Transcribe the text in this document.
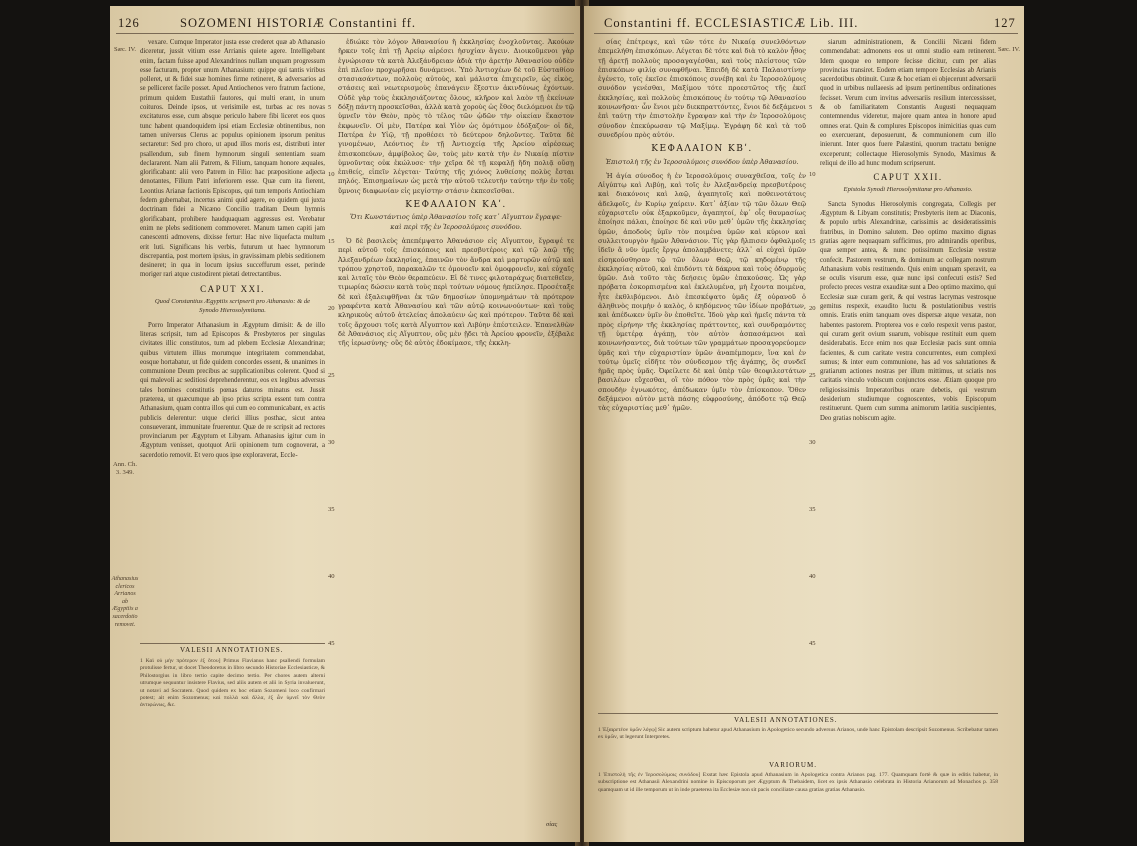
126	SOZOMENI HISTORIÆ Constantini ff.

vexare. Cumque Imperator justa esse crederet quæ ab Athanasio diceretur, jussit vitium esse Arrianis quiete agere. Intelligebant enim, factam fuisse apud Alexandrinos nullam unquam progressum esse facturam, propter unum Athanasium: quippe qui tantis viribus polleret, ut & fidei suæ homines firme retineret, & adversarios ad se pelliceret facile posset. Apud Antiochenos vero fratrum factione, primum quidem Eustathii fautores, qui multi erant, in unum coituros. Deinde ipsos, ut verisimile est, turbas ac res novas excitaturos esse, cum absque periculo habere fibi liceret eos quos tunc habent quandoquidem ipsi etiam Ecclesiæ obtinentibus, non tamen universus Clerus ac populus opinionem ipsorum penitus sectaretur: Sed pro choro, ut apud illos moris est, distributi inter psallendum, sub finem hymnorum singuli sententiam suam declararent. Nam alii Patrem, & Filium, tanquam honore æquales, glorificabant: alii vero Patrem in Filio: hac præpositione adjecta denotantes, Filium Patri inferiorem esse. Quæ cum ita fierent, Leontius Arianæ factionis Episcopus, qui tum temporis Antiochiam fedem gubernabat, incertus animi quid agere, eo quidem qui juxta doctrinam fidei a Nicæno Concilio traditam Deum hymnis glorificabant, prohibere haudquaquam aggressus est. Verebatur enim ne plebs seditionem commoveret. Manum tamen capiti jam canescenti admovens, dixisse fertur: Hac nive liquefacta multum erit luti. Significans his verbis, futurum ut haec hymnorum discrepantia, post mortem ipsius, in gravissimam plebis seditionem desineret; in qua in locum ipsius succeffurum esset, perinde moriger rari atque custodirent pietati detrectantibus.

CAPUT XXI.
Quod Constantius Ægyptiis scripserit pro Athanasio: & de Synodo Hierosolymitana.

Porro Imperator Athanasium in Ægyptum dimisit: & de illo literas scripsit, tum ad Episcopos & Presbyteros per singulas civitates illic constitutos, tum ad plebem Ecclesiæ Alexandrinæ; quibus virtutem illius morumque integritatem commendabat, eosque hortabatur, ut fide quidem concordes essent, & unanimes in communione Deum precibus ac supplicationibus colerent. Quod si qui malevoli ac seditiosi deprehenderentur, eos ex legibus adversus tales homines constitutis pœnas daturos minatus est. Jussit præterea, ut quæcumque ab ipso prius scripta essent tum contra Athanasium, quam contra illos qui cum eo communicabant, ex actis publicis delerentur: utque clerici illius posthac, sicut antea consueverant, immunitate fruerentur. Quæ de re scripsit ad rectores provinciarum per Ægyptum et Libyam. Athanasius igitur cum in Ægyptum venisset, quotquot Arii opinionem tum cognoverat, a sacerdotio removit. Et vero quos ipse exploraverat, Eccle-

ἐδιώκε τὸν λόγον Ἀθανασίου ἢ ἐκκλησίας ἐνοχλοῦντας. Ἀκούων ἤρκεν τοῖς ἐπὶ τῇ Ἀρείῳ αἱρέσει ἡσυχίαν ἄγειν. Διοικοῦμενοι γὰρ ἐγνώρισαν τὰ κατὰ Ἀλεξάνδρειαν ἀδιὰ τὴν ἀρετὴν Ἀθανασίου οὐδὲν ἐπὶ πλεῖον προχωρῆσαι δυνάμενοι. Ὑπὸ Ἀντιοχέων δὲ τοῦ Εὐσταθίου στασιασάντων, πολλοὺς αὐτοὺς, καὶ μάλιστα ἐπιχειρεῖν, ὡς εἰκὸς, στάσεις καὶ νεωτερισμοὺς ἐπανάγειν ἔξεστιν ἀκινδύνως ἐχόντων. Οὐδὲ γὰρ τοὺς ἐκκλησιάζοντας ὅλους, κλῆρον καὶ λαὸν τῇ ἐκείνων δόξῃ πάντη προσκεῖσθαι, ἀλλὰ κατὰ χοροὺς ὡς ἔθος διελόμενοι ἐν τῷ ὑμνεῖν τὸν Θεὸν, πρὸς τὸ τέλος τῶν ᾠδῶν τὴν οἰκείαν ἕκαστον ἐκφωνεῖν. Οἱ μὲν, Πατέρα καὶ Υἱὸν ὡς ὁμότιμον ἐδόξαζον· οἱ δὲ, Πατέρα ἐν Υἱῷ, τῇ προθέσει τὸ δεύτερον δηλοῦντες. Ταῦτα δὲ γινομένων, Λεόντιος ἐν τῇ Ἀντιοχείᾳ τῆς Ἀρείου αἱρέσεως ἐπισκοπεύων, ἀμφίβολος ὢν, τοὺς μὲν κατὰ τὴν ἐν Νικαίᾳ πίστιν ὑμνοῦντας οὐκ ἐκώλυσε· τὴν χεῖρα δὲ τῇ κεφαλῇ ἤδη πολιᾷ οὔσῃ ἐπιθείς, εἰπεῖν λέγεται· Ταύτης τῆς χιόνος λυθείσης πολὺς ἔσται πηλός. Ἐπισημαίνων ὡς μετὰ τὴν αὐτοῦ τελευτὴν ταύτην τὴν ἐν τοῖς ὕμνοις διαφωνίαν εἰς μεγίστην στάσιν ἐκπεσεῖσθαι.

ΚΕΦΑΛΑΙΟΝ ΚΑʹ.
Ὅτι Κωνστάντιος ὑπὲρ Ἀθανασίου τοῖς κατ᾽ Αἴγυπτον ἔγραψε· καὶ περὶ τῆς ἐν Ἱεροσολύμοις συνόδου.

Ὁ δὲ βασιλεὺς ἀπεπέμψατο Ἀθανάσιον εἰς Αἴγυπτον, ἔγραψέ τε περὶ αὐτοῦ τοῖς ἐπισκόποις καὶ πρεσβυτέροις καὶ τῷ λαῷ τῆς Ἀλεξανδρέων ἐκκλησίας, ἐπαινῶν τὸν ἄνδρα καὶ μαρτυρῶν αὐτῷ καὶ τρόπου χρηστοῦ, παρακαλῶν τε ὁμονοεῖν καὶ ὁμοφρονεῖν, καὶ εὐχαῖς καὶ λιταῖς τὸν Θεὸν θεραπεύειν. Εἰ δὲ τινες φιλοταράχως διατεθεῖεν, τιμωρίας δώσειν κατὰ τοὺς περὶ τούτων νόμους ἠπείλησε. Προσέταξε δὲ καὶ ἐξαλειφθῆναι ἐκ τῶν δημοσίων ὑπομνημάτων τὰ πρότερον γραφέντα κατὰ Ἀθανασίου καὶ τῶν αὐτῷ κοινωνούντων· καὶ τοὺς κληρικοὺς αὐτοῦ ἀτελείας ἀπολαύειν ὡς καὶ πρότερον. Ταῦτα δὲ καὶ τοῖς ἄρχουσι τοῖς κατὰ Αἴγυπτον καὶ Λιβύην ἐπέστειλεν. Ἐπανελθὼν δὲ Ἀθανάσιος εἰς Αἴγυπτον, οὓς μὲν ᾔδει τὰ Ἀρείου φρονεῖν, ἐξέβαλε τῆς ἱερωσύνης· οὓς δὲ αὐτὸς ἐδοκίμασε, τῆς ἐκκλη-

Sæc. IV.
Ann. Ch. 3. 349.
Athanasius clericos Arrianos ab Ægyptiis a sacerdotio removet.
5
10
15
20
25
30
35
40
45
σίας
VALESII ANNOTATIONES.
1 Καὶ οὐ μὴν πρότερον ἐξ ὅτου] Primus Flavianus hanc psallendi formulam protulisse fertur, ut docet Theodoretus in libro secundo Historiae Ecclesiasticæ, & Philostorgius in libro tertio capite decimo tertio. Per chores autem alterni utrumque sequuntur insistere Flavius, sed aliis autem et alii in Syria invaluerunt, ut notavi ad Socratem. Quod quidem ex hoc etiam Sozomeni loco confirmari potest; ait enim Sozomenus; καὶ πολλὰ καὶ ἄλλα, ἐξ ὧν ὑμνεῖ τὸν Θεὸν ἀντιφώνως, &c.
Constantini ff. ECCLESIASTICÆ Lib. III.	127

σίας ἐπέτρεψε, καὶ τῶν τότε ἐν Νικαίᾳ συνελθόντων ἐπεμελήθη ἐπισκόπων. Λέγεται δὲ τότε καὶ διὰ τὸ καλὸν ἦθος τῇ ἀρετῇ πολλοὺς προσαγαγέσθαι, καὶ τοὺς πλείστους τῶν ἐπισκόπων φιλίᾳ συναφθῆναι. Ἐπειδὴ δὲ κατὰ Παλαιστίνην ἐγένετο, τοῖς ἐκεῖσε ἐπισκόποις συνέβη καὶ ἐν Ἱεροσολύμοις συνόδον γενέσθαι, Μαξίμου τότε προεστῶτος τῆς ἐκεῖ ἐκκλησίας, καὶ πολλοὺς ἐπισκόπους ἐν τούτῳ τῷ Ἀθανασίου κοινωνῆσαι· ὧν ἔνιοι μὲν διεκπραττόντες, ἔνιοι δὲ δεξάμενοι ἐπὶ ταύτῃ τὴν ἐπιστολὴν ἔγραψαν καὶ τὴν ἐν Ἱεροσολύμοις σύνοδον ἐπεκύρωσαν τῷ Μαξίμῳ. Ἐγράφη δὲ καὶ τὰ τοῦ συνεδρίου πρὸς αὐτόν.

ΚΕΦΑΛΑΙΟΝ ΚΒʹ.
Ἐπιστολὴ τῆς ἐν Ἱεροσολύμοις συνόδου ὑπὲρ Ἀθανασίου.

Ἡ ἁγία σύνοδος ἡ ἐν Ἱεροσολύμοις συναχθεῖσα, τοῖς ἐν Αἰγύπτῳ καὶ Λιβύῃ, καὶ τοῖς ἐν Ἀλεξανδρείᾳ πρεσβυτέροις καὶ διακόνοις καὶ λαῷ, ἀγαπητοῖς καὶ ποθεινοτάτοις ἀδελφοῖς, ἐν Κυρίῳ χαίρειν. Κατ᾽ ἀξίαν τῷ τῶν ὅλων Θεῷ εὐχαριστεῖν οὐκ ἐξαρκοῦμεν, ἀγαπητοί, ἐφ᾽ οἷς θαυμασίως ἐποίησε πάλαι, ἐποίησε δὲ καὶ νῦν μεθ᾽ ὑμῶν τῆς ἐκκλησίας ὑμῶν, ἀποδοὺς ὑμῖν τὸν ποιμένα ὑμῶν καὶ κύριον καὶ συλλειτουργὸν ἡμῶν Ἀθανάσιον. Τίς γὰρ ἤλπισεν ὀφθαλμοῖς ἰδεῖν ἃ νῦν ὑμεῖς ἔργῳ ἀπολαμβάνετε; ἀλλ᾽ αἱ εὐχαὶ ὑμῶν εἰσηκούσθησαν τῷ τῶν ὅλων Θεῷ, τῷ κηδομένῳ τῆς ἐκκλησίας αὐτοῦ, καὶ ἐπιδόντι τὰ δάκρυα καὶ τοὺς ὀδυρμοὺς ὑμῶν. Διὰ τοῦτο τὰς δεήσεις ὑμῶν ἐπακούσας. Ὡς γὰρ πρόβατα ἐσκορπισμένα καὶ ἐκλελυμένα, μὴ ἔχοντα ποιμένα, ἦτε ἐκθλιβόμενοι. Διὸ ἐπεσκέψατο ὑμᾶς ἐξ οὐρανοῦ ὁ ἀληθινὸς ποιμὴν ὁ καλὸς, ὁ κηδόμενος τῶν ἰδίων προβάτων, καὶ ἀπέδωκεν ὑμῖν ὃν ἐποθεῖτε. Ἰδοὺ γὰρ καὶ ἡμεῖς πάντα τὰ πρὸς εἰρήνην τῆς ἐκκλησίας πράττοντες, καὶ συνδραμόντες τῇ ὑμετέρᾳ ἀγάπῃ, τὸν αὐτὸν ἀσπασάμενοι καὶ κοινωνήσαντες, διὰ τούτων τῶν γραμμάτων προσαγορεύομεν ὑμᾶς καὶ τὴν εὐχαριστίαν ὑμῶν ἀναπέμπομεν, ἵνα καὶ ἐν τούτῳ ὑμεῖς εἰδῆτε τὸν σύνδεσμον τῆς ἀγάπης, ὃς συνδεῖ ἡμᾶς πρὸς ὑμᾶς. Ὀφείλετε δὲ καὶ ὑπὲρ τῶν θεοφιλεστάτων βασιλέων εὔχεσθαι, οἳ τὸν πόθον τὸν πρὸς ὑμᾶς καὶ τὴν σπουδὴν ἐγνωκότες, ἀπέδωκαν ὑμῖν τὸν ἐπίσκοπον. Ὅθεν δεξάμενοι αὐτὸν μετὰ πάσης εὐφροσύνης, ἀπόδοτε τῷ Θεῷ τὰς εὐχαριστίας μεθ᾽ ἡμῶν.

siarum administrationem, & Concilii Nicæni fidem commendabat: admonens eos ut omni studio eam retinerent. Idem quoque eo tempore fecisse dicitur, cum per alias provincias transiret. Eodem etiam tempore Ecclesias ab Arianis sacerdotibus obtinuit. Curæ & hoc etiam ei objecerunt adversarii quod in urbibus nullaeesis ad ipsum pertinentibus ordinationes fecisset. Verum cum invitus adversariis resilium intercessisset, & ob familiaritatem Constantis Augusti nequaquam contemnendus videretur, majore quam antea in honore apud omnes erat. Quin & complures Episcopos inimicitias quas cum eo exercuerant, deposuerunt, & communionem cum illo inierunt. Inter quos fuere Palæstini, quorum tractatu benigne exceperunt; collectaque Hierosolymis Synodo, Maximus & reliqui de illo ad hunc modum scripserunt.

CAPUT XXII.
Epistola Synodi Hierosolymitanæ pro Athanasio.

Sancta Synodus Hierosolymis congregata, Collegis per Ægyptum & Libyam constitutis; Presbyteris item ac Diaconis, & populo urbis Alexandrinæ, carissimis ac desideratissimis fratribus, in Domino salutem. Deo optimo maximo dignas gratias agere nequaquam sufficimus, pro admirandis operibus, quæ semper antea, & nunc potissimum Ecclesiæ vestræ confecit. Pastorem vestrum, & dominum ac collegam nostrum Athanasium vobis restituendo. Quis enim unquam speravit, ea se oculis visurum esse, quæ nunc ipsi confecuti estis? Sed profecto preces vestræ exauditæ sunt a Deo optimo maximo, qui Ecclesiæ suæ curam gerit, & qui vestras lacrymas vestrosque gemitus respexit, exaudito luctu & postulationibus vestris omnis. Eratis enim tanquam oves dispersæ atque vexatæ, non habentes pastorem. Propterea vos e cœlo respexit verus pastor, qui curam gerit ovium suarum, vobisque restituit eum quem desiderabatis. Ecce enim nos quæ Ecclesiæ pacis sunt omnia facientes, & cum caritate vestra concurrentes, eum complexi sumus; & inter eum communione, has ad vos salutationes & gratiarum actiones nostras per illum mittimus, ut sciatis nos caritatis vinculo vobiscum conjunctos esse. Ætiam quoque pro religiosissimis Imperatoribus orare debetis, qui vestrum desiderium studiumque cognoscentes, vobis Episcopum restituerunt. Quem cum summa animorum lætitia suscipientes, Deo gratias nobiscum agite.

Sæc. IV.
5
10
15
20
25
30
35
40
45
VALESII ANNOTATIONES.
1 Ἐξαιρετέον ὑμῶν λόγῳ] Sic autem scriptum habetur apud Athanasium in Apologetico secundo adversus Arianos, unde hanc Epistolam descripsit Sozomenus. Scribebatur tamen ex ὑμῶν, ut legerunt Interpretes.
VARIORUM.
1 Ἐπιστολὴ τῆς ἐν Ἱεροσολύμοις συνόδου] Exstat hæc Epistola apud Athanasium in Apologetica contra Arianos pag. 177. Quamquam fortè & quæ in editis habetur, in subscriptione est Athanasii Alexandrini nomine in Episcoporum per Ægyptum & Thebaidem, licet ex ipsis Athanasio celebrata in Historia Arianorum ad Monachos p. 358 quamquam ut id ille temporum ut in inde praeterea ita Ecclesiæ non sit pacis conciliatæ causa gratias gratias Athanasio.
